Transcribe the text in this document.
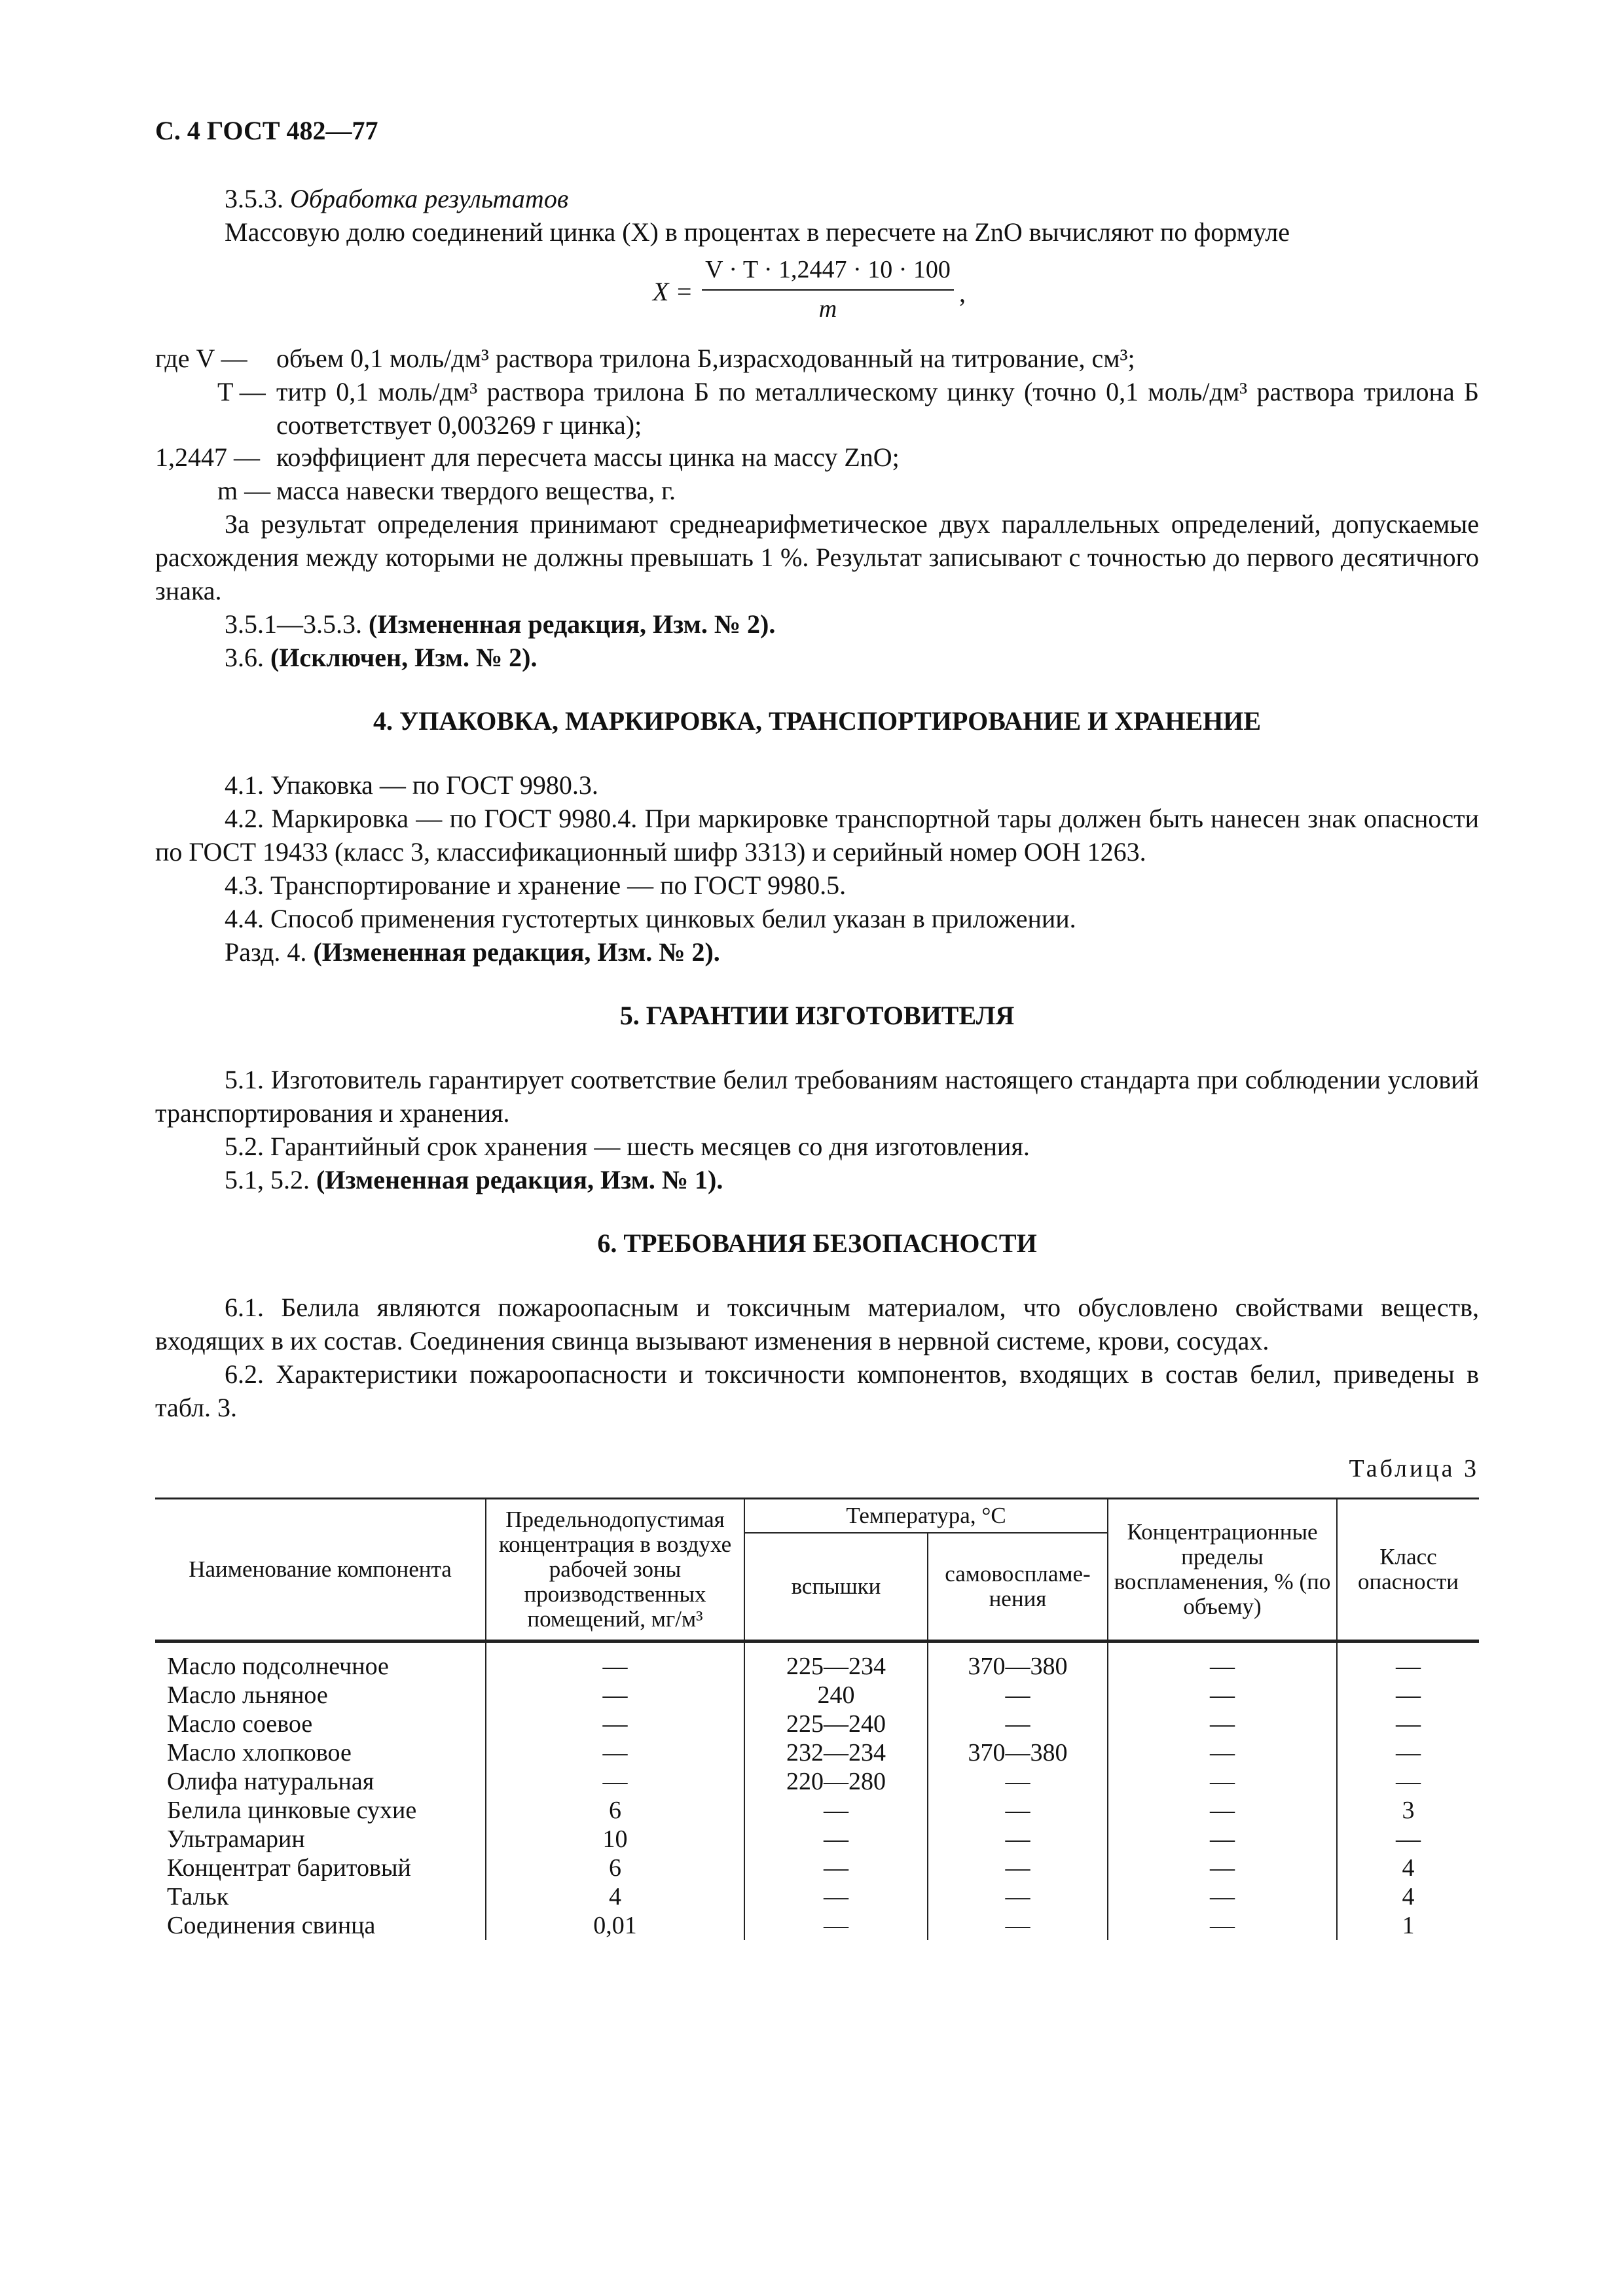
С. 4 ГОСТ 482—77

3.5.3. Обработка результатов

Массовую долю соединений цинка (X) в процентах в пересчете на ZnO вычисляют по формуле

X =
V · T · 1,2447 · 10 · 100
m
,
где V — объем 0,1 моль/дм³ раствора трилона Б,израсходованный на титрование, см³;
T — титр 0,1 моль/дм³ раствора трилона Б по металлическому цинку (точно 0,1 моль/дм³ раствора трилона Б соответствует 0,003269 г цинка);
1,2447 — коэффициент для пересчета массы цинка на массу ZnO;
m — масса навески твердого вещества, г.

За результат определения принимают среднеарифметическое двух параллельных определений, допускаемые расхождения между которыми не должны превышать 1 %. Результат записывают с точностью до первого десятичного знака.

3.5.1—3.5.3. (Измененная редакция, Изм. № 2).

3.6. (Исключен, Изм. № 2).

4. УПАКОВКА, МАРКИРОВКА, ТРАНСПОРТИРОВАНИЕ И ХРАНЕНИЕ

4.1. Упаковка — по ГОСТ 9980.3.

4.2. Маркировка — по ГОСТ 9980.4. При маркировке транспортной тары должен быть нанесен знак опасности по ГОСТ 19433 (класс 3, классификационный шифр 3313) и серийный номер ООН 1263.

4.3. Транспортирование и хранение — по ГОСТ 9980.5.

4.4. Способ применения густотертых цинковых белил указан в приложении.

Разд. 4. (Измененная редакция, Изм. № 2).

5. ГАРАНТИИ ИЗГОТОВИТЕЛЯ

5.1. Изготовитель гарантирует соответствие белил требованиям настоящего стандарта при соблюдении условий транспортирования и хранения.

5.2. Гарантийный срок хранения — шесть месяцев со дня изготовления.

5.1, 5.2. (Измененная редакция, Изм. № 1).

6. ТРЕБОВАНИЯ БЕЗОПАСНОСТИ

6.1. Белила являются пожароопасным и токсичным материалом, что обусловлено свойствами веществ, входящих в их состав. Соединения свинца вызывают изменения в нервной системе, крови, сосудах.

6.2. Характеристики пожароопасности и токсичности компонентов, входящих в состав белил, приведены в табл. 3.

Таблица 3
Наименование компонента	Предельнодопустимая концентрация в воздухе рабочей зоны производственных помещений, мг/м³	Температура, °С		Концентрационные пределы воспламенения, % (по объему)	Класс опасности
		вспышки	самовоспламе-нения		
Масло подсолнечное	—	225—234	370—380	—	—
Масло льняное	—	240	—	—	—
Масло соевое	—	225—240	—	—	—
Масло хлопковое	—	232—234	370—380	—	—
Олифа натуральная	—	220—280	—	—	—
Белила цинковые сухие	6	—	—	—	3
Ультрамарин	10	—	—	—	—
Концентрат баритовый	6	—	—	—	4
Тальк	4	—	—	—	4
Соединения свинца	0,01	—	—	—	1
